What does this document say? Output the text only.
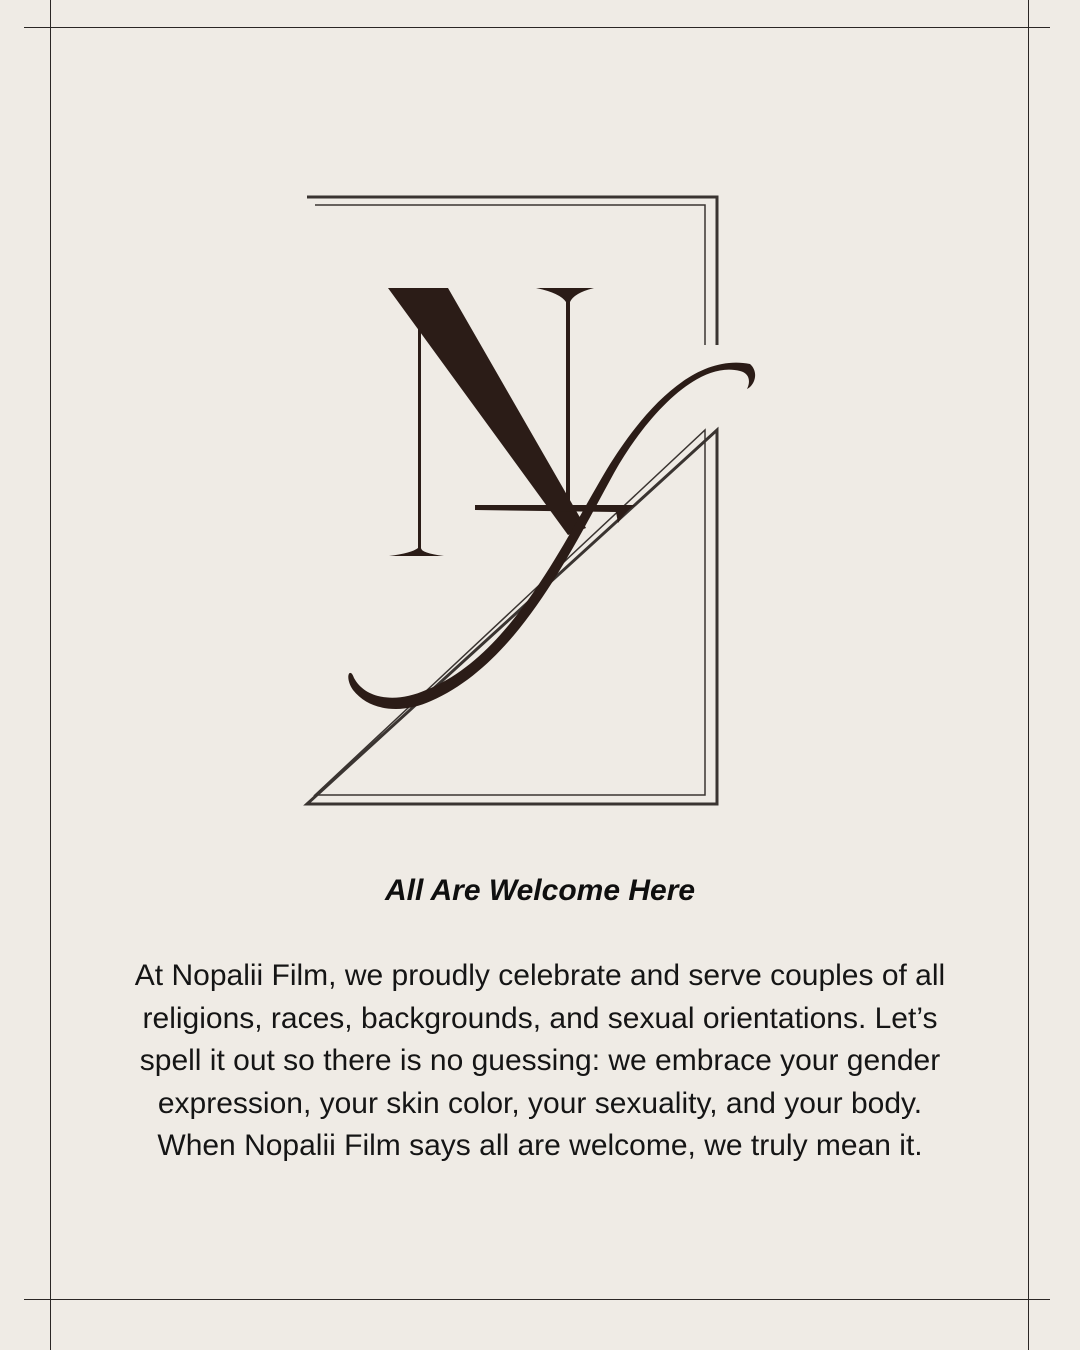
All Are Welcome Here

At Nopalii Film, we proudly celebrate and serve couples of all religions, races, backgrounds, and sexual orientations. Let’s spell it out so there is no guessing: we embrace your gender expression, your skin color, your sexuality, and your body. When Nopalii Film says all are welcome, we truly mean it.
